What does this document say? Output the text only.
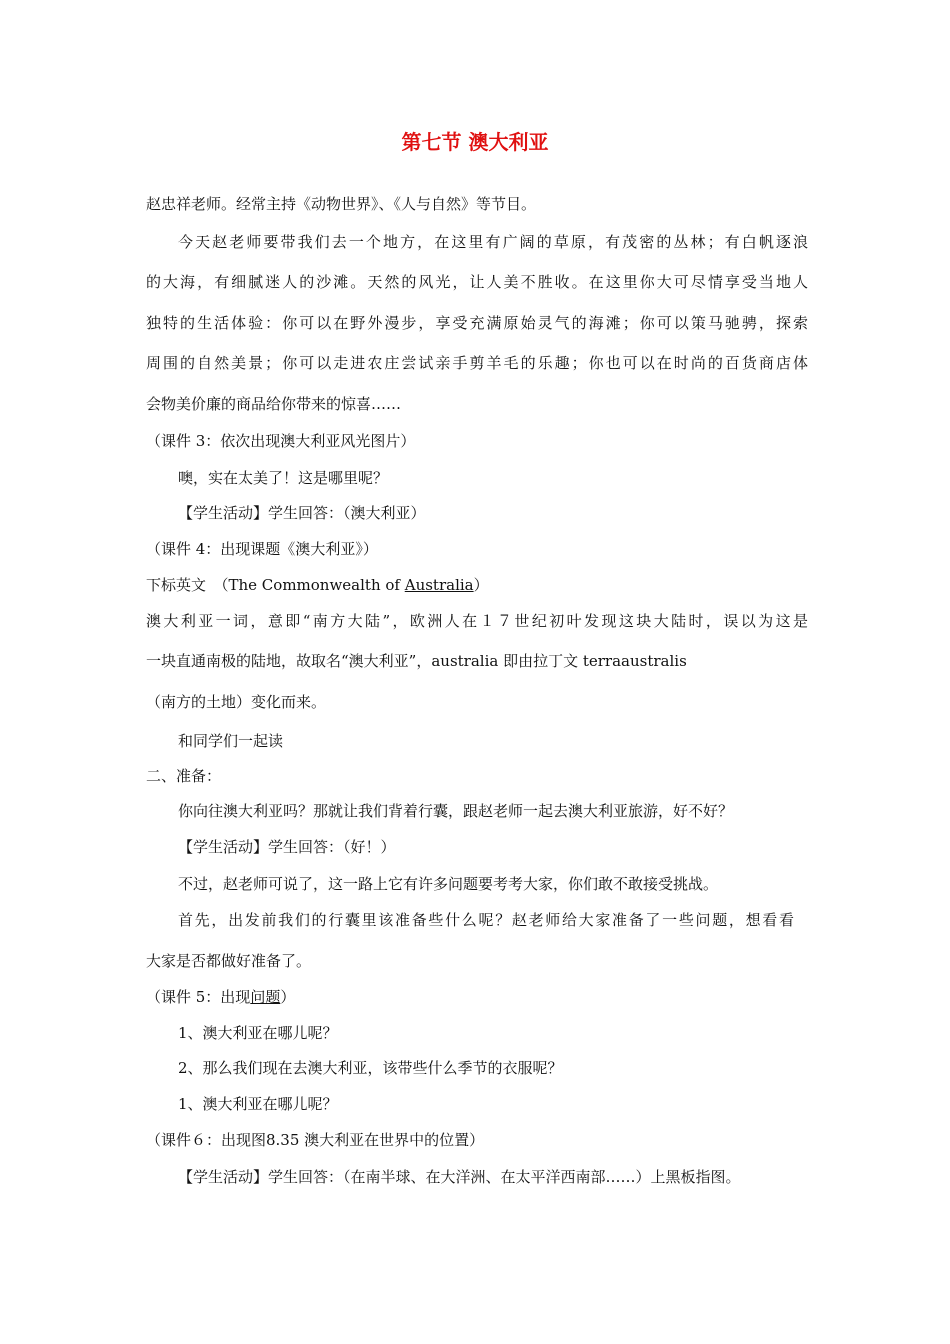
第七节 澳大利亚
赵忠祥老师。经常主持《动物世界》、《人与自然》等节目。
今天赵老师要带我们去一个地方，在这里有广阔的草原，有茂密的丛林；有白帆逐浪
的大海，有细腻迷人的沙滩。天然的风光，让人美不胜收。在这里你大可尽情享受当地人
独特的生活体验：你可以在野外漫步，享受充满原始灵气的海滩；你可以策马驰骋，探索
周围的自然美景；你可以走进农庄尝试亲手剪羊毛的乐趣；你也可以在时尚的百货商店体
会物美价廉的商品给你带来的惊喜……
（课件 3：依次出现澳大利亚风光图片）
噢，实在太美了！这是哪里呢？
【学生活动】学生回答：（澳大利亚）
（课件 4：出现课题《澳大利亚》）
下标英文　（The Commonwealth of Australia）
澳大利亚一词，意即“南方大陆”，欧洲人在１７世纪初叶发现这块大陆时，误以为这是
一块直通南极的陆地，故取名“澳大利亚”，australia 即由拉丁文 terraaustralis
（南方的土地）变化而来。
和同学们一起读
二、准备：
你向往澳大利亚吗？那就让我们背着行囊，跟赵老师一起去澳大利亚旅游，好不好？
【学生活动】学生回答：（好！）
不过，赵老师可说了，这一路上它有许多问题要考考大家，你们敢不敢接受挑战。
首先，出发前我们的行囊里该准备些什么呢？赵老师给大家准备了一些问题，想看看
大家是否都做好准备了。
（课件 5：出现问题）
1、澳大利亚在哪儿呢？
2、那么我们现在去澳大利亚，该带些什么季节的衣服呢？
1、澳大利亚在哪儿呢？
（课件６：出现图8.35 澳大利亚在世界中的位置）
【学生活动】学生回答：（在南半球、在大洋洲、在太平洋西南部……）上黑板指图。
